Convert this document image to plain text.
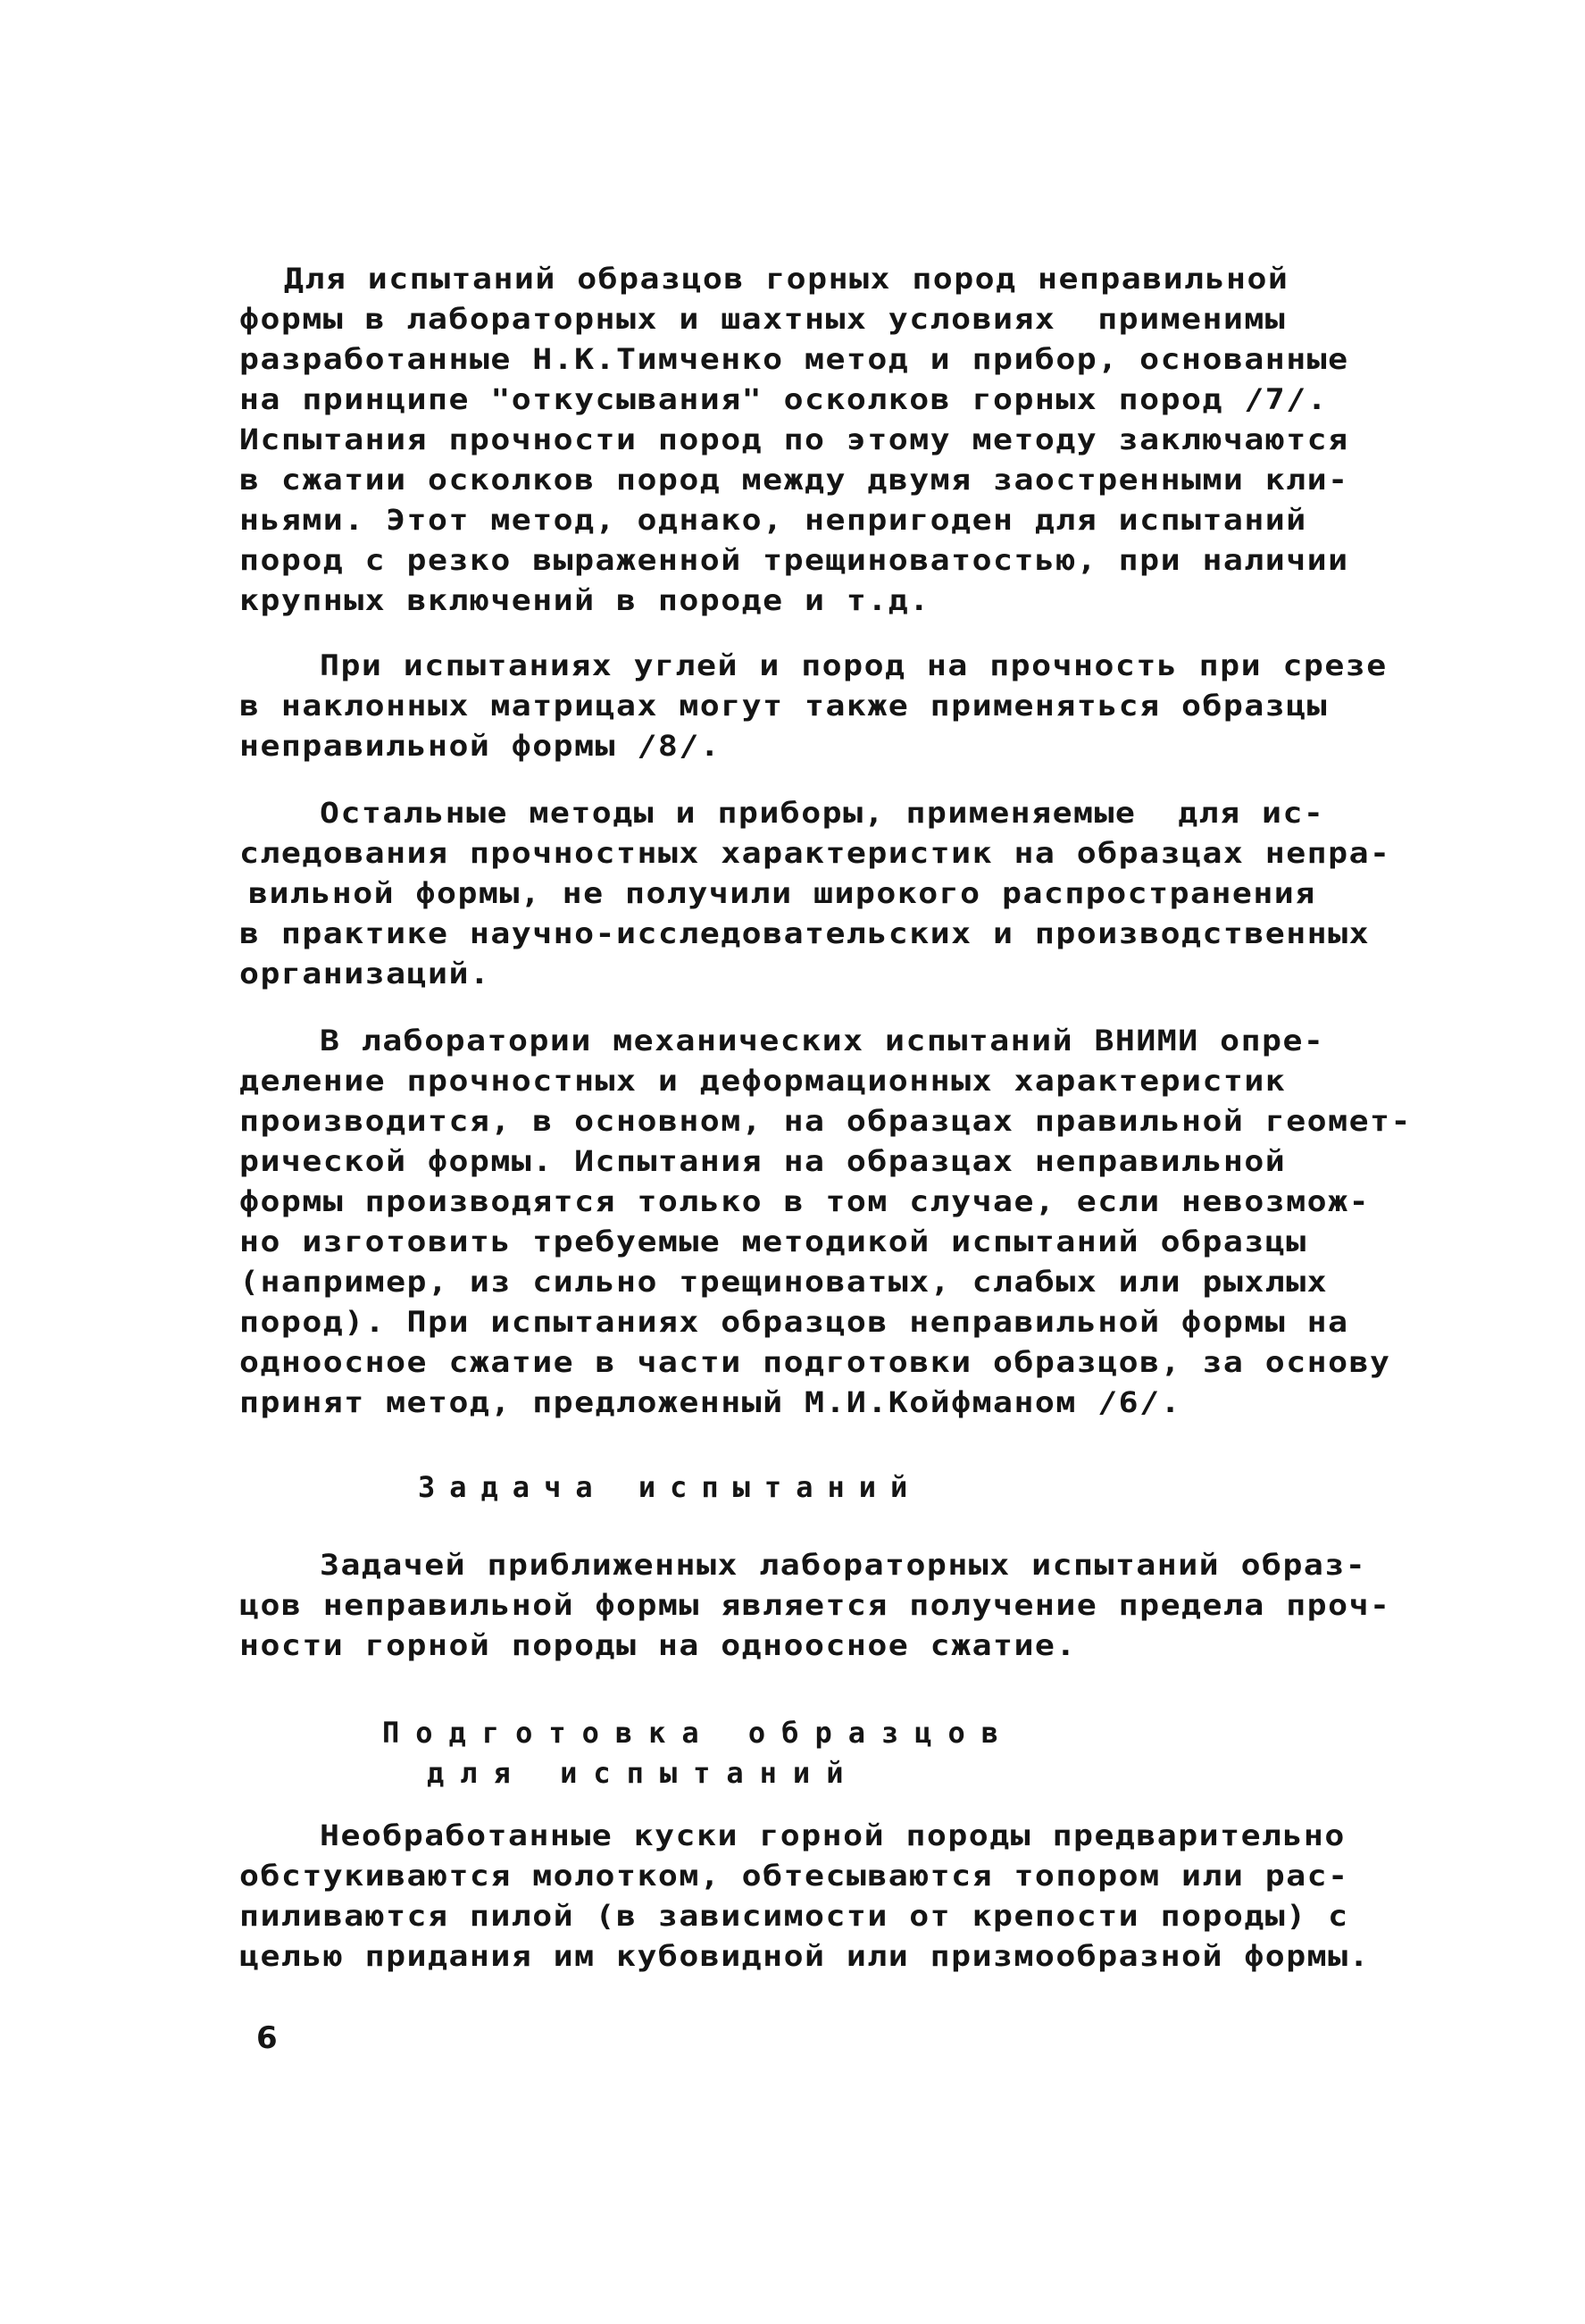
Для испытаний образцов горных пород неправильной
формы в лабораторных и шахтных условиях  применимы
разработанные Н.К.Тимченко метод и прибор, основанные
на принципе "откусывания" осколков горных пород /7/.
Испытания прочности пород по этому методу заключаются
в сжатии осколков пород между двумя заостренными кли-
ньями. Этот метод, однако, непригоден для испытаний
пород с резко выраженной трещиноватостью, при наличии
крупных включений в породе и т.д.
При испытаниях углей и пород на прочность при срезе
в наклонных матрицах могут также применяться образцы
неправильной формы /8/.
Остальные методы и приборы, применяемые  для ис-
следования прочностных характеристик на образцах непра-
вильной формы, не получили широкого распространения
в практике научно-исследовательских и производственных
организаций.
В лаборатории механических испытаний ВНИМИ опре-
деление прочностных и деформационных характеристик
производится, в основном, на образцах правильной геомет-
рической формы. Испытания на образцах неправильной
формы производятся только в том случае, если невозмож-
но изготовить требуемые методикой испытаний образцы
(например, из сильно трещиноватых, слабых или рыхлых
пород). При испытаниях образцов неправильной формы на
одноосное сжатие в части подготовки образцов, за основу
принят метод, предложенный М.И.Койфманом /6/.
Задача испытаний
Задачей приближенных лабораторных испытаний образ-
цов неправильной формы является получение предела проч-
ности горной породы на одноосное сжатие.
Подготовка образцов
для испытаний
Необработанные куски горной породы предварительно
обстукиваются молотком, обтесываются топором или рас-
пиливаются пилой (в зависимости от крепости породы) с
целью придания им кубовидной или призмообразной формы.
6
